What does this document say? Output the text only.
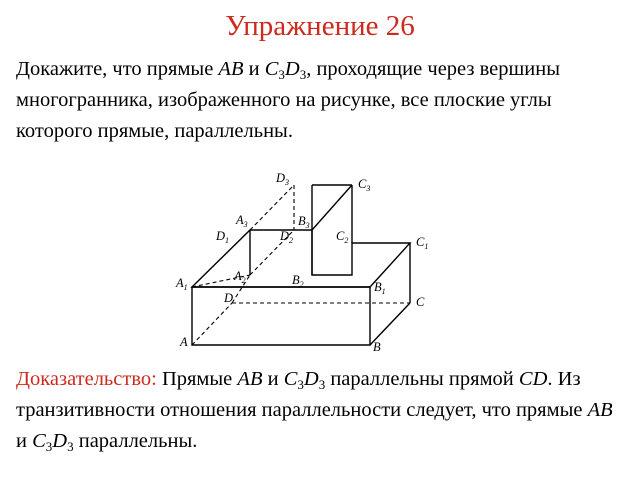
Упражнение 26

Докажите, что прямые AB и $C_3D_3$, проходящие через вершины многогранника, изображенного на рисунке, все плоские углы которого прямые, параллельны.

$D_3$	$C_3$
$A_3$	$B_3$
$D_1$	$D_2$	$C_2$	$C_1$
$A_2$	$B_2$
$A_1$	$B_1$
D	C
A	B

Доказательство: Прямые AB и $C_3D_3$ параллельны прямой CD. Из транзитивности отношения параллельности следует, что прямые AB и $C_3D_3$ параллельны.
